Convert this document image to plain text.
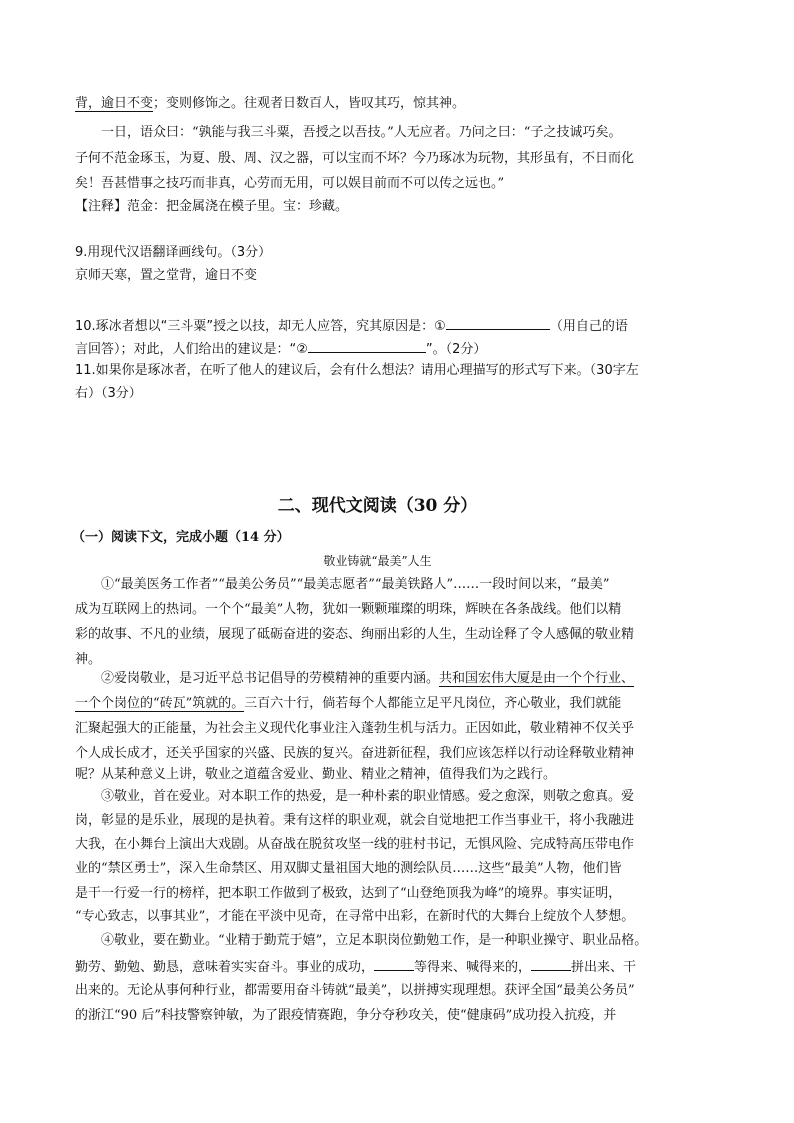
背，逾日不变；变则修饰之。往观者日数百人，皆叹其巧，惊其神。
一日，语众曰：“孰能与我三斗粟，吾授之以吾技。”人无应者。乃问之曰：“子之技诚巧矣。
子何不范金琢玉，为夏、殷、周、汉之器，可以宝而不坏？今乃琢冰为玩物，其形虽有，不日而化
矣！吾甚惜事之技巧而非真，心劳而无用，可以娱目前而不可以传之远也。”
【注释】范金：把金属浇在模子里。宝：珍藏。
9.用现代汉语翻译画线句。（3分）
京师天寒，置之堂背，逾日不变
10.琢冰者想以“三斗粟”授之以技，却无人应答，究其原因是：①	（用自己的语
言回答）；对此，人们给出的建议是：“②	”。（2分）
11.如果你是琢冰者，在听了他人的建议后，会有什么想法？请用心理描写的形式写下来。（30字左
右）（3分）
二、现代文阅读（30 分）
（一）阅读下文，完成小题（14 分）
敬业铸就“最美”人生
①“最美医务工作者”“最美公务员”“最美志愿者”“最美铁路人”……一段时间以来，“最美”
成为互联网上的热词。一个个“最美”人物，犹如一颗颗璀璨的明珠，辉映在各条战线。他们以精
彩的故事、不凡的业绩，展现了砥砺奋进的姿态、绚丽出彩的人生，生动诠释了令人感佩的敬业精
神。
②爱岗敬业，是习近平总书记倡导的劳模精神的重要内涵。共和国宏伟大厦是由一个个行业、
一个个岗位的“砖瓦”筑就的。三百六十行，倘若每个人都能立足平凡岗位，齐心敬业，我们就能
汇聚起强大的正能量，为社会主义现代化事业注入蓬勃生机与活力。正因如此，敬业精神不仅关乎
个人成长成才，还关乎国家的兴盛、民族的复兴。奋进新征程，我们应该怎样以行动诠释敬业精神
呢？从某种意义上讲，敬业之道蕴含爱业、勤业、精业之精神，值得我们为之践行。
③敬业，首在爱业。对本职工作的热爱，是一种朴素的职业情感。爱之愈深，则敬之愈真。爱
岗，彰显的是乐业，展现的是执着。秉有这样的职业观，就会自觉地把工作当事业干，将小我融进
大我，在小舞台上演出大戏剧。从奋战在脱贫攻坚一线的驻村书记，无惧风险、完成特高压带电作
业的“禁区勇士”，深入生命禁区、用双脚丈量祖国大地的测绘队员……这些“最美”人物，他们皆
是干一行爱一行的榜样，把本职工作做到了极致，达到了“山登绝顶我为峰”的境界。事实证明，
“专心致志，以事其业”，才能在平淡中见奇，在寻常中出彩，在新时代的大舞台上绽放个人梦想。
④敬业，要在勤业。“业精于勤荒于嬉”，立足本职岗位勤勉工作，是一种职业操守、职业品格。
勤劳、勤勉、勤恳，意味着实实奋斗。事业的成功，	等得来、喊得来的，	拼出来、干
出来的。无论从事何种行业，都需要用奋斗铸就“最美”，以拼搏实现理想。获评全国“最美公务员”
的浙江“90 后”科技警察钟敏，为了跟疫情赛跑，争分夺秒攻关，使“健康码”成功投入抗疫，并
